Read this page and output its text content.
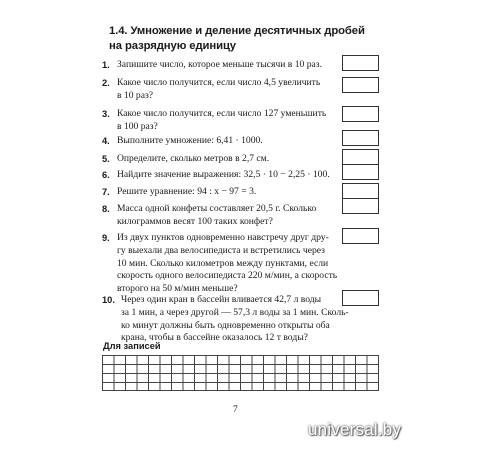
1.4. Умножение и деление десятичных дробей
на разрядную единицу
1. Запишите число, которое меньше тысячи в 10 раз.
2. Какое число получится, если число 4,5 увеличить
в 10 раз?
3. Какое число получится, если число 127 уменьшить
в 100 раз?
4. Выполните умножение: 6,41 · 1000.
5. Определите, сколько метров в 2,7 см.
6. Найдите значение выражения: 32,5 · 10 − 2,25 · 100.
7. Решите уравнение: 94 : x − 97 = 3.
8. Масса одной конфеты составляет 20,5 г. Сколько
килограммов весят 100 таких конфет?
9. Из двух пунктов одновременно навстречу друг дру-
гу выехали два велосипедиста и встретились через
10 мин. Сколько километров между пунктами, если
скорость одного велосипедиста 220 м/мин, а скорость
второго на 50 м/мин меньше?
10. Через один кран в бассейн вливается 42,7 л воды
за 1 мин, а через другой — 57,3 л воды за 1 мин. Сколь-
ко минут должны быть одновременно открыты оба
крана, чтобы в бассейне оказалось 12 т воды?
Для записей
7
universal.by
